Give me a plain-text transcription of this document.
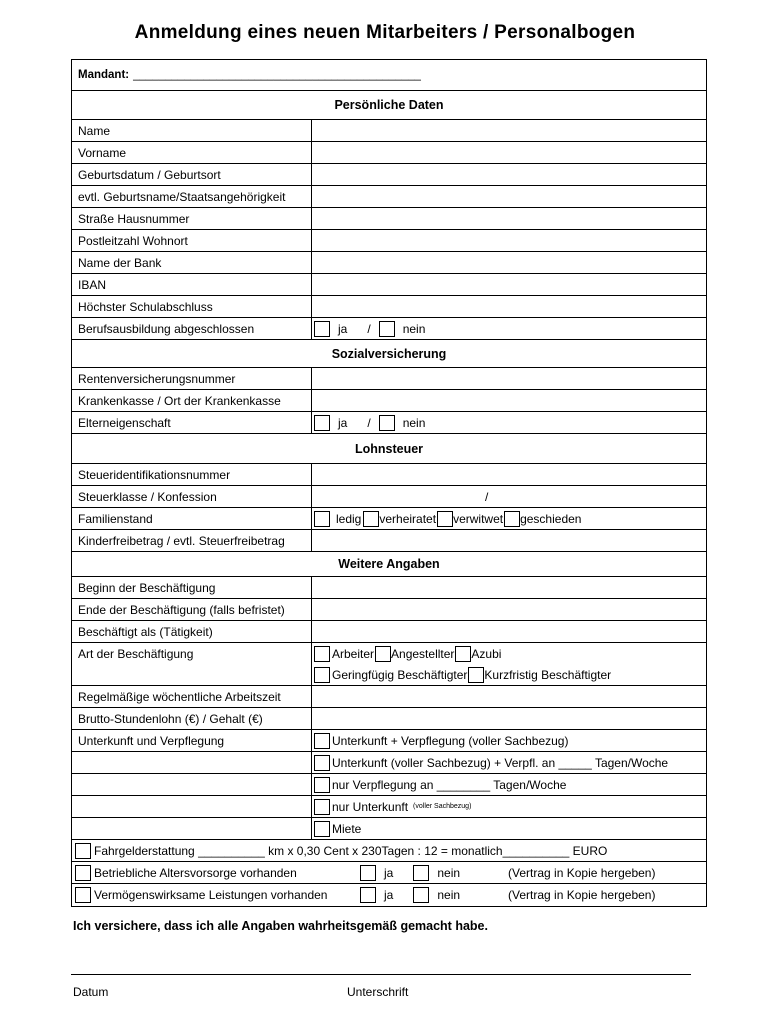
Anmeldung eines neuen Mitarbeiters / Personalbogen
Mandant: _____________________________________________
Persönliche Daten
Name
Vorname
Geburtsdatum / Geburtsort
evtl. Geburtsname/Staatsangehörigkeit
Straße Hausnummer
Postleitzahl Wohnort
Name der Bank
IBAN
Höchster Schulabschluss
Berufsausbildung abgeschlossen	ja /	nein
Sozialversicherung
Rentenversicherungsnummer
Krankenkasse / Ort der Krankenkasse
Elterneigenschaft	ja /	nein
Lohnsteuer
Steueridentifikationsnummer
Steuerklasse / Konfession	/
Familienstand	ledig verheiratet verwitwet geschieden
Kinderfreibetrag / evtl. Steuerfreibetrag
Weitere Angaben
Beginn der Beschäftigung
Ende der Beschäftigung (falls befristet)
Beschäftigt als (Tätigkeit)
Art der Beschäftigung	Arbeiter Angestellter Azubi
Geringfügig Beschäftigter Kurzfristig Beschäftigter
Regelmäßige wöchentliche Arbeitszeit
Brutto-Stundenlohn (€) / Gehalt (€)
Unterkunft und Verpflegung	Unterkunft + Verpflegung (voller Sachbezug)
Unterkunft (voller Sachbezug) + Verpfl. an _____ Tagen/Woche
nur Verpflegung an ________ Tagen/Woche
nur Unterkunft (voller Sachbezug)
Miete
Fahrgelderstattung __________ km x 0,30 Cent x 230Tagen : 12 = monatlich__________ EURO
Betriebliche Altersvorsorge vorhanden	ja	nein	(Vertrag in Kopie hergeben)
Vermögenswirksame Leistungen vorhanden	ja	nein	(Vertrag in Kopie hergeben)
Ich versichere, dass ich alle Angaben wahrheitsgemäß gemacht habe.
Datum	Unterschrift
